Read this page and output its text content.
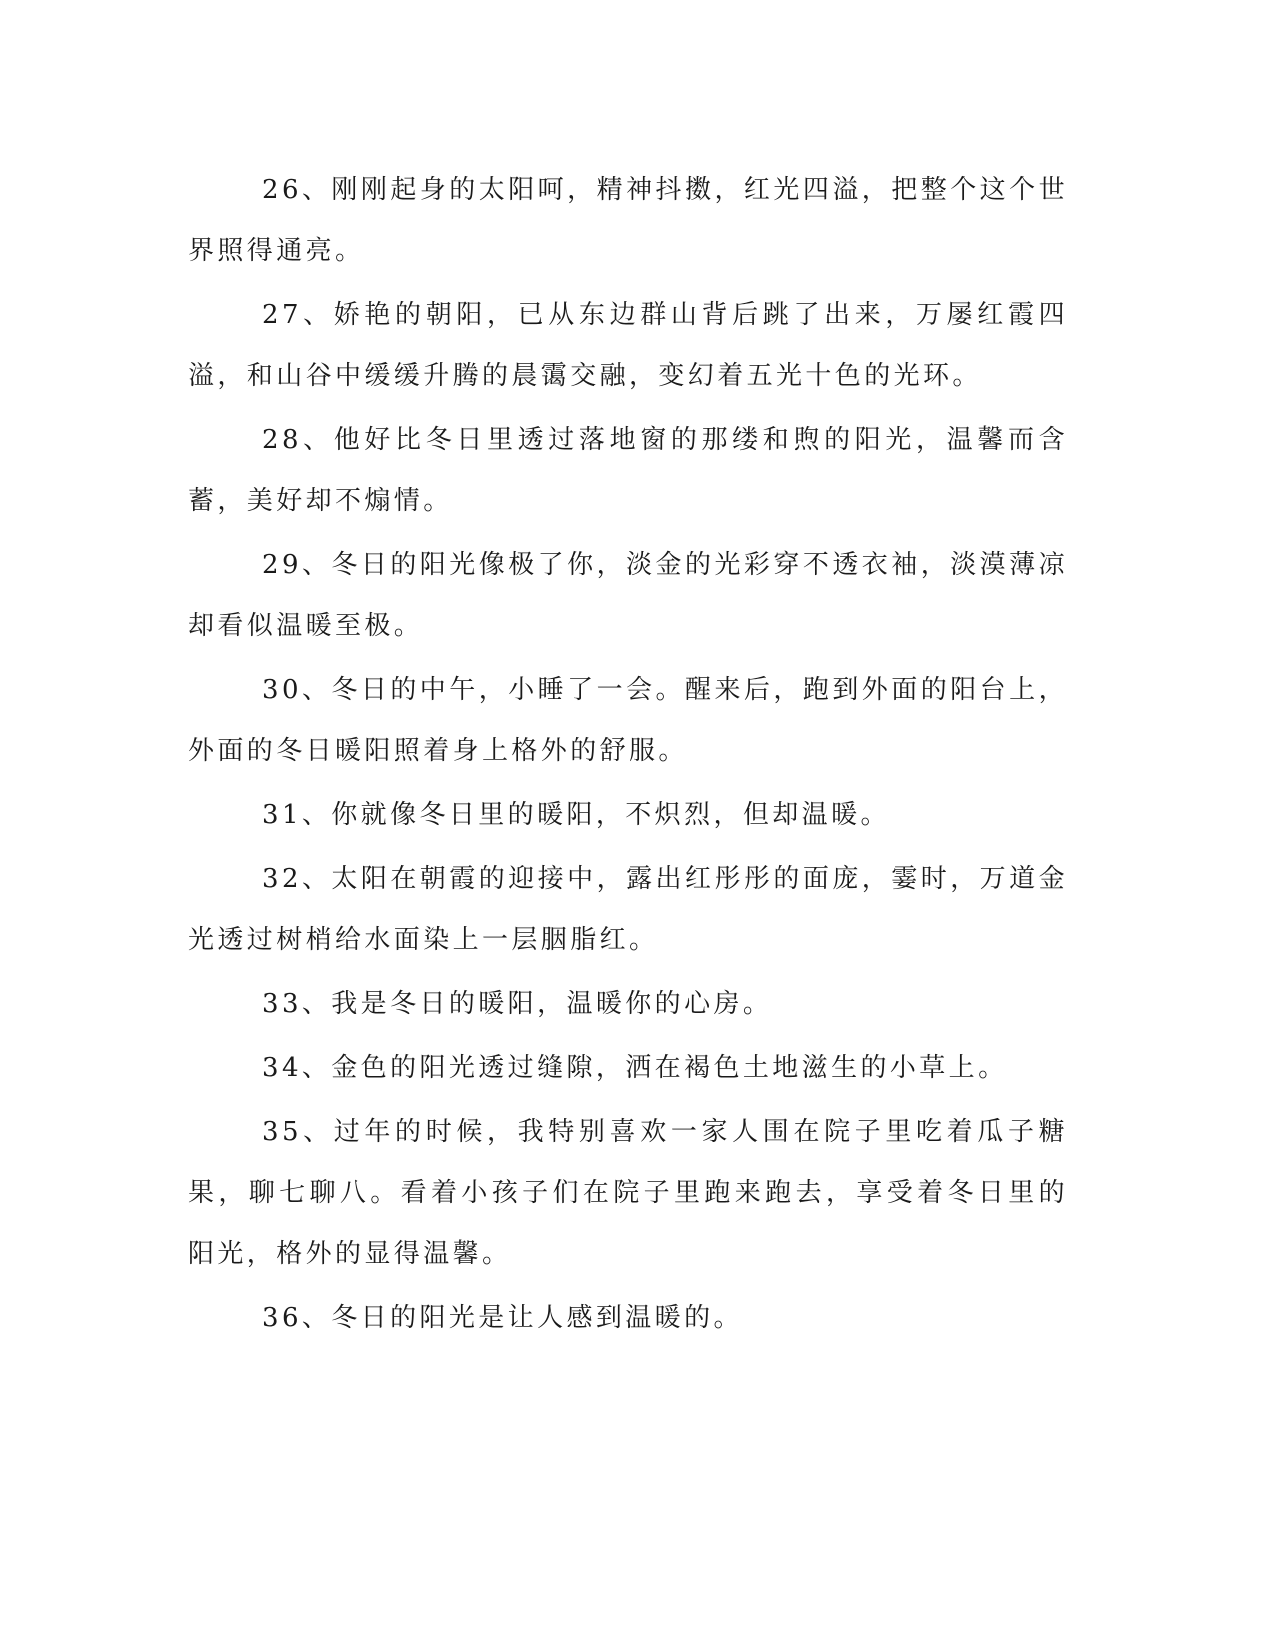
26、刚刚起身的太阳呵，精神抖擞，红光四溢，把整个这个世界照得通亮。

27、娇艳的朝阳，已从东边群山背后跳了出来，万屡红霞四溢，和山谷中缓缓升腾的晨霭交融，变幻着五光十色的光环。

28、他好比冬日里透过落地窗的那缕和煦的阳光，温馨而含蓄，美好却不煽情。

29、冬日的阳光像极了你，淡金的光彩穿不透衣袖，淡漠薄凉却看似温暖至极。

30、冬日的中午，小睡了一会。醒来后，跑到外面的阳台上，外面的冬日暖阳照着身上格外的舒服。

31、你就像冬日里的暖阳，不炽烈，但却温暖。

32、太阳在朝霞的迎接中，露出红彤彤的面庞，霎时，万道金光透过树梢给水面染上一层胭脂红。

33、我是冬日的暖阳，温暖你的心房。

34、金色的阳光透过缝隙，洒在褐色土地滋生的小草上。

35、过年的时候，我特别喜欢一家人围在院子里吃着瓜子糖果，聊七聊八。看着小孩子们在院子里跑来跑去，享受着冬日里的阳光，格外的显得温馨。

36、冬日的阳光是让人感到温暖的。
